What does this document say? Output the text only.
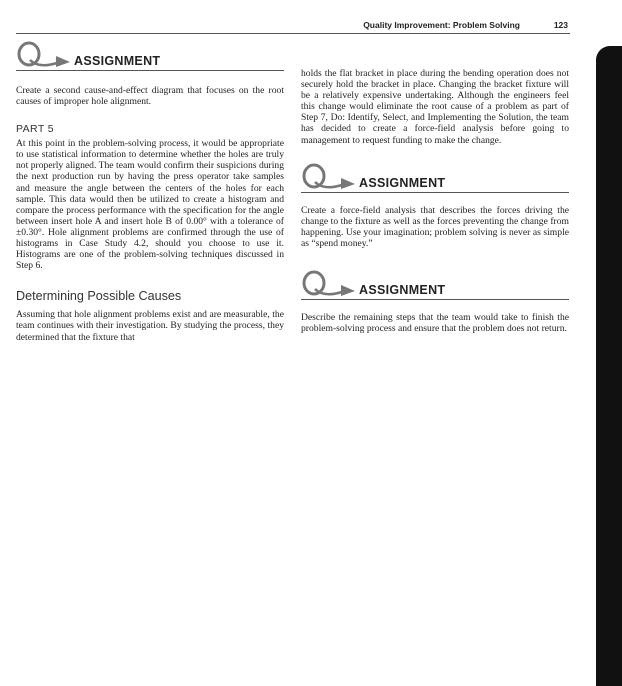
Quality Improvement: Problem Solving	123
ASSIGNMENT

Create a second cause-and-effect diagram that focuses on the root causes of improper hole alignment.

PART 5

At this point in the problem-solving process, it would be appropriate to use statistical information to determine whether the holes are truly not properly aligned. The team would confirm their suspicions during the next production run by having the press operator take samples and measure the angle between the centers of the holes for each sample. This data would then be utilized to create a histogram and compare the process performance with the specification for the angle between insert hole A and insert hole B of 0.00° with a tolerance of ±0.30°. Hole alignment problems are confirmed through the use of histograms in Case Study 4.2, should you choose to use it. Histograms are one of the problem-solving techniques discussed in Step 6.

Determining Possible Causes

Assuming that hole alignment problems exist and are measurable, the team continues with their investigation. By studying the process, they determined that the fixture that

holds the flat bracket in place during the bending operation does not securely hold the bracket in place. Changing the bracket fixture will be a relatively expensive undertaking. Although the engineers feel this change would eliminate the root cause of a problem as part of Step 7, Do: Identify, Select, and Implementing the Solution, the team has decided to create a force-field analysis before going to management to request funding to make the change.

ASSIGNMENT

Create a force-field analysis that describes the forces driving the change to the fixture as well as the forces preventing the change from happening. Use your imagination; problem solving is never as simple as “spend money.”

ASSIGNMENT

Describe the remaining steps that the team would take to finish the problem-solving process and ensure that the problem does not return.
